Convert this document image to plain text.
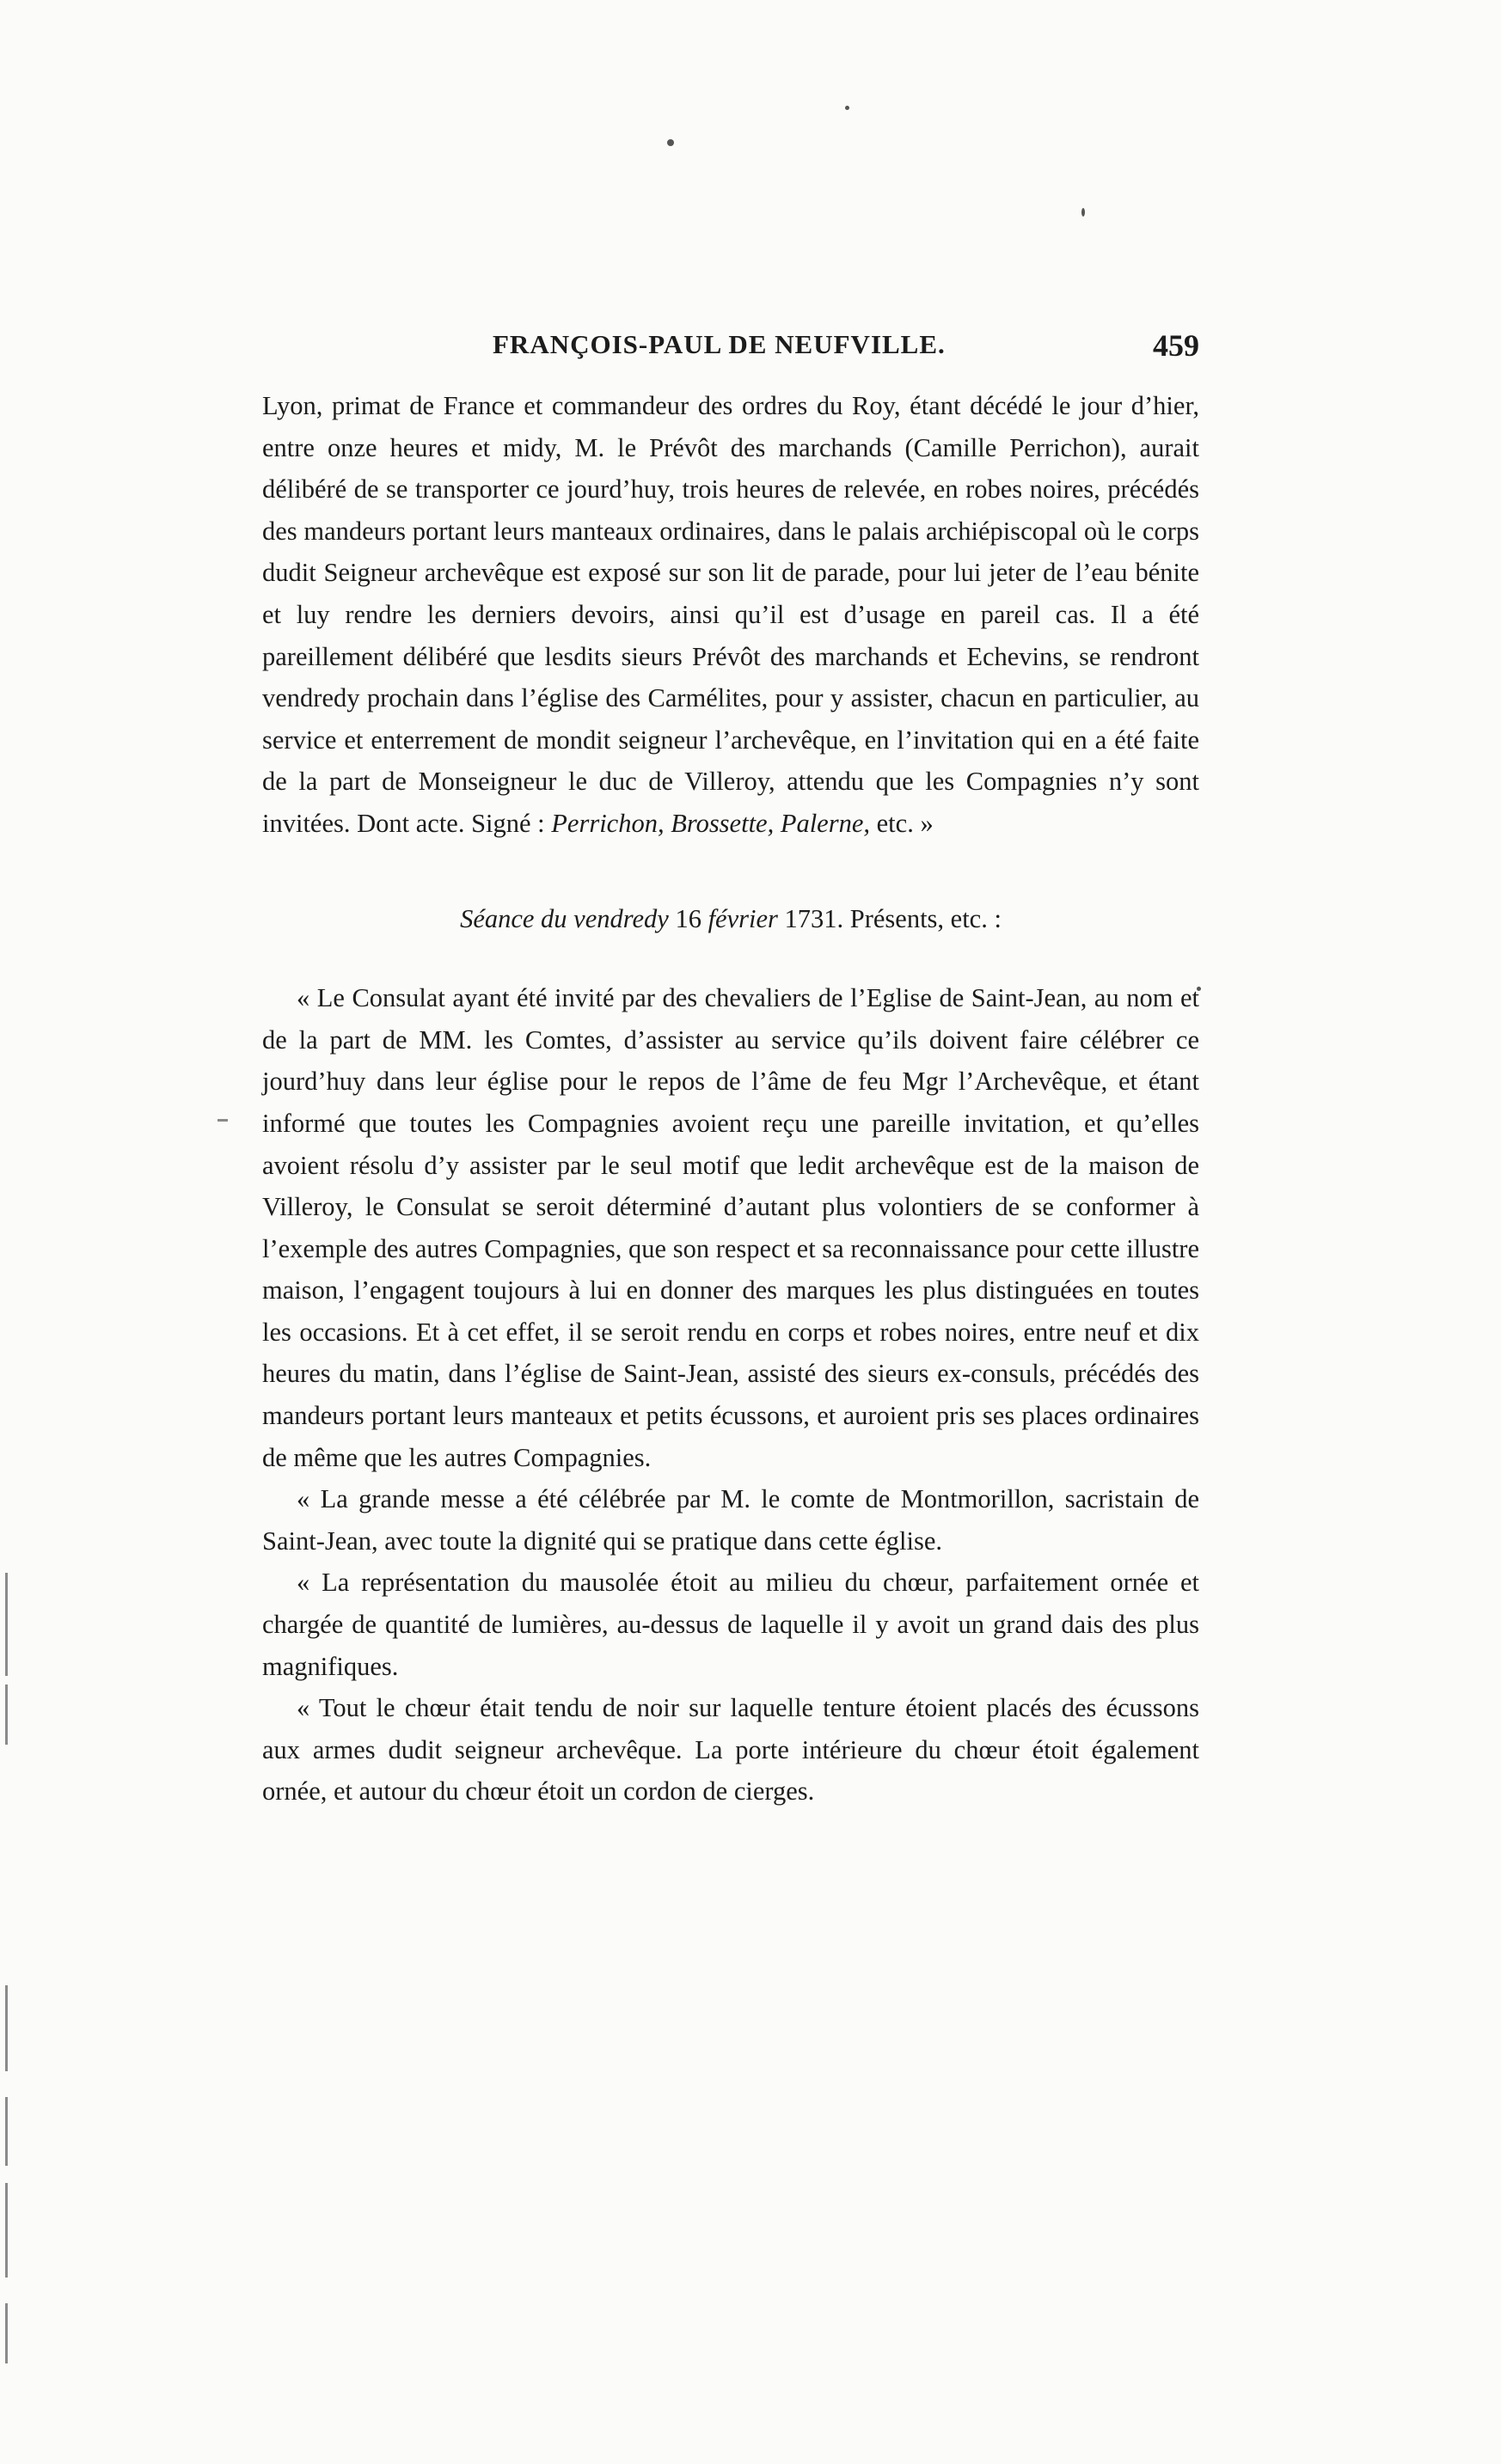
FRANÇOIS-PAUL DE NEUFVILLE.	459

Lyon, primat de France et commandeur des ordres du Roy, étant décédé le jour d’hier, entre onze heures et midy, M. le Prévôt des marchands (Camille Perrichon), aurait délibéré de se transporter ce jourd’huy, trois heures de relevée, en robes noires, précédés des mandeurs portant leurs manteaux ordinaires, dans le palais archiépiscopal où le corps dudit Seigneur archevêque est exposé sur son lit de parade, pour lui jeter de l’eau bénite et luy rendre les derniers devoirs, ainsi qu’il est d’usage en pareil cas. Il a été pareillement délibéré que lesdits sieurs Prévôt des marchands et Echevins, se rendront vendredy prochain dans l’église des Carmélites, pour y assister, chacun en particulier, au service et enterrement de mondit seigneur l’archevêque, en l’invitation qui en a été faite de la part de Monseigneur le duc de Villeroy, attendu que les Compagnies n’y sont invitées. Dont acte. Signé : Perrichon, Brossette, Palerne, etc. »

Séance du vendredy 16 février 1731. Présents, etc. :

« Le Consulat ayant été invité par des chevaliers de l’Eglise de Saint-Jean, au nom et de la part de MM. les Comtes, d’assister au service qu’ils doivent faire célébrer ce jourd’huy dans leur église pour le repos de l’âme de feu Mgr l’Archevêque, et étant informé que toutes les Compagnies avoient reçu une pareille invitation, et qu’elles avoient résolu d’y assister par le seul motif que ledit archevêque est de la maison de Villeroy, le Consulat se seroit déterminé d’autant plus volontiers de se conformer à l’exemple des autres Compagnies, que son respect et sa reconnaissance pour cette illustre maison, l’engagent toujours à lui en donner des marques les plus distinguées en toutes les occasions. Et à cet effet, il se seroit rendu en corps et robes noires, entre neuf et dix heures du matin, dans l’église de Saint-Jean, assisté des sieurs ex-consuls, précédés des mandeurs portant leurs manteaux et petits écussons, et auroient pris ses places ordinaires de même que les autres Compagnies.

« La grande messe a été célébrée par M. le comte de Montmorillon, sacristain de Saint-Jean, avec toute la dignité qui se pratique dans cette église.

« La représentation du mausolée étoit au milieu du chœur, parfaitement ornée et chargée de quantité de lumières, au-dessus de laquelle il y avoit un grand dais des plus magnifiques.

« Tout le chœur était tendu de noir sur laquelle tenture étoient placés des écussons aux armes dudit seigneur archevêque. La porte intérieure du chœur étoit également ornée, et autour du chœur étoit un cordon de cierges.
